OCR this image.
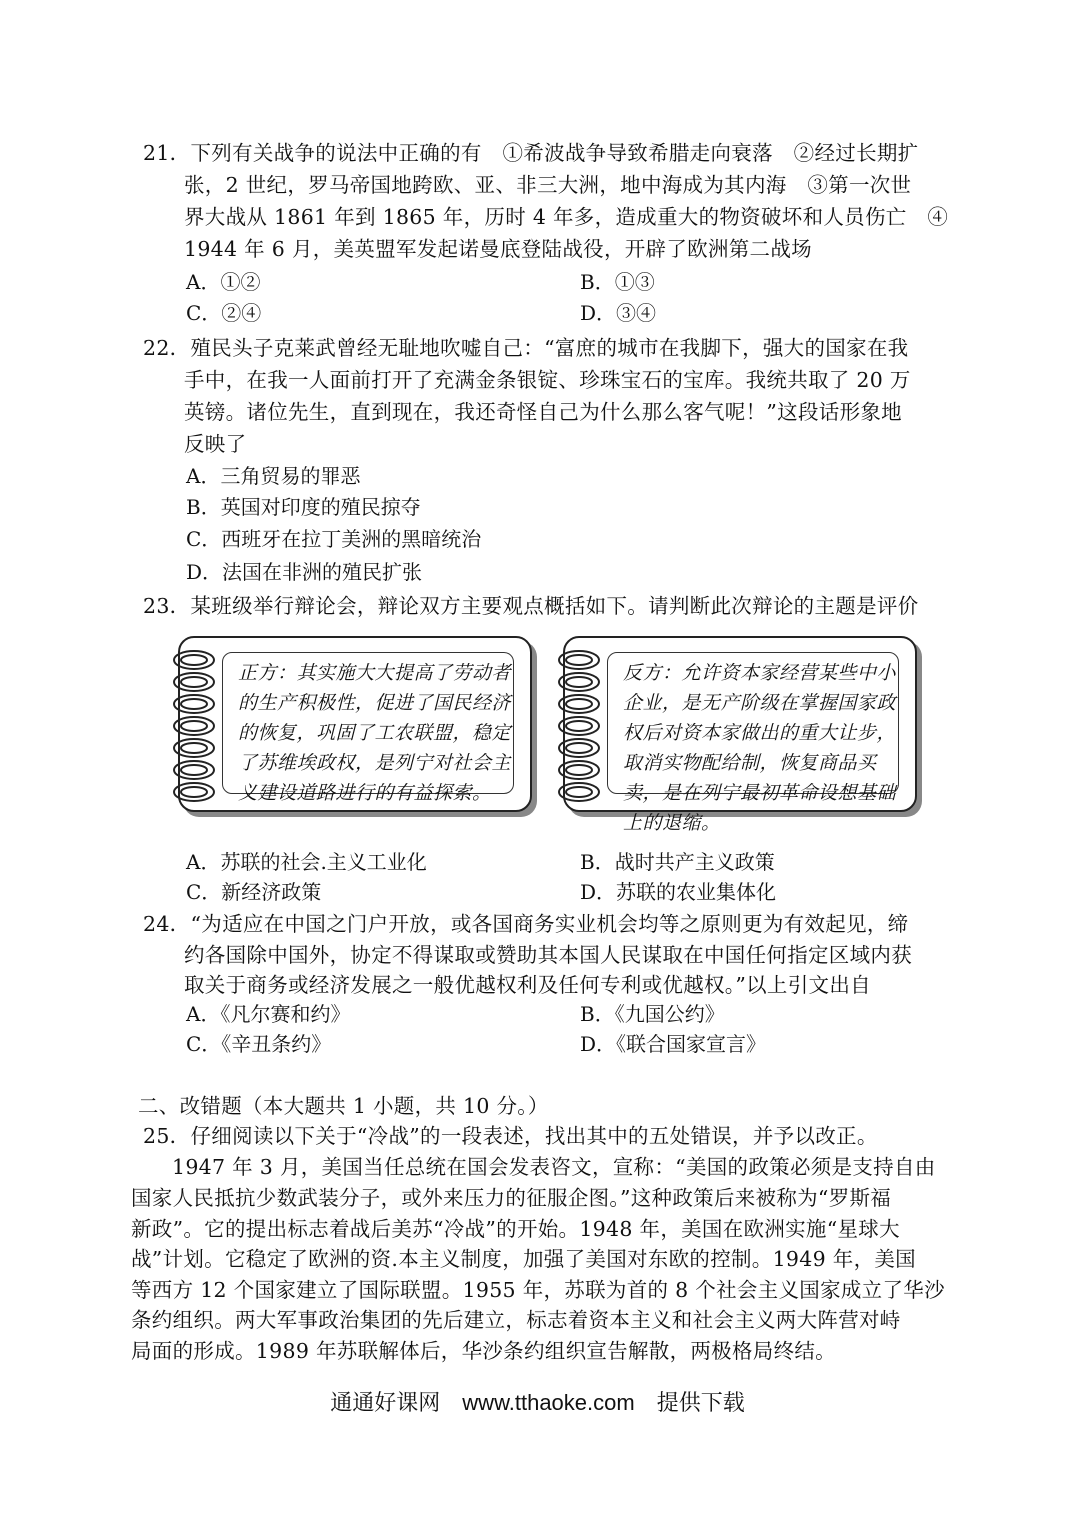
21．下列有关战争的说法中正确的有　①希波战争导致希腊走向衰落　②经过长期扩
张，2 世纪，罗马帝国地跨欧、亚、非三大洲，地中海成为其内海　③第一次世
界大战从 1861 年到 1865 年，历时 4 年多，造成重大的物资破坏和人员伤亡　④
1944 年 6 月，美英盟军发起诺曼底登陆战役，开辟了欧洲第二战场
A．①②	B．①③
C．②④	D．③④
22．殖民头子克莱武曾经无耻地吹嘘自己：“富庶的城市在我脚下，强大的国家在我
手中，在我一人面前打开了充满金条银锭、珍珠宝石的宝库。我统共取了 20 万
英镑。诸位先生，直到现在，我还奇怪自己为什么那么客气呢！”这段话形象地
反映了
A．三角贸易的罪恶
B．英国对印度的殖民掠夺
C．西班牙在拉丁美洲的黑暗统治
D．法国在非洲的殖民扩张
23．某班级举行辩论会，辩论双方主要观点概括如下。请判断此次辩论的主题是评价
正方：其实施大大提高了劳动者的生产积极性，促进了国民经济的恢复，巩固了工农联盟，稳定了苏维埃政权，是列宁对社会主义建设道路进行的有益探索。
反方：允许资本家经营某些中小企业，是无产阶级在掌握国家政权后对资本家做出的重大让步，取消实物配给制，恢复商品买卖，是在列宁最初革命设想基础上的退缩。
A．苏联的社会.主义工业化	B．战时共产主义政策
C．新经济政策	D．苏联的农业集体化
24．“为适应在中国之门户开放，或各国商务实业机会均等之原则更为有效起见，缔
约各国除中国外，协定不得谋取或赞助其本国人民谋取在中国任何指定区域内获
取关于商务或经济发展之一般优越权利及任何专利或优越权。”以上引文出自
A．《凡尔赛和约》	B．《九国公约》
C．《辛丑条约》	D．《联合国家宣言》
二、改错题（本大题共 1 小题，共 10 分。）
25．仔细阅读以下关于“冷战”的一段表述，找出其中的五处错误，并予以改正。
1947 年 3 月，美国当任总统在国会发表咨文，宣称：“美国的政策必须是支持自由
国家人民抵抗少数武装分子，或外来压力的征服企图。”这种政策后来被称为“罗斯福
新政”。它的提出标志着战后美苏“冷战”的开始。1948 年，美国在欧洲实施“星球大
战”计划。它稳定了欧洲的资.本主义制度，加强了美国对东欧的控制。1949 年，美国
等西方 12 个国家建立了国际联盟。1955 年，苏联为首的 8 个社会主义国家成立了华沙
条约组织。两大军事政治集团的先后建立，标志着资本主义和社会主义两大阵营对峙
局面的形成。1989 年苏联解体后，华沙条约组织宣告解散，两极格局终结。
通通好课网　www.tthaoke.com　提供下载
